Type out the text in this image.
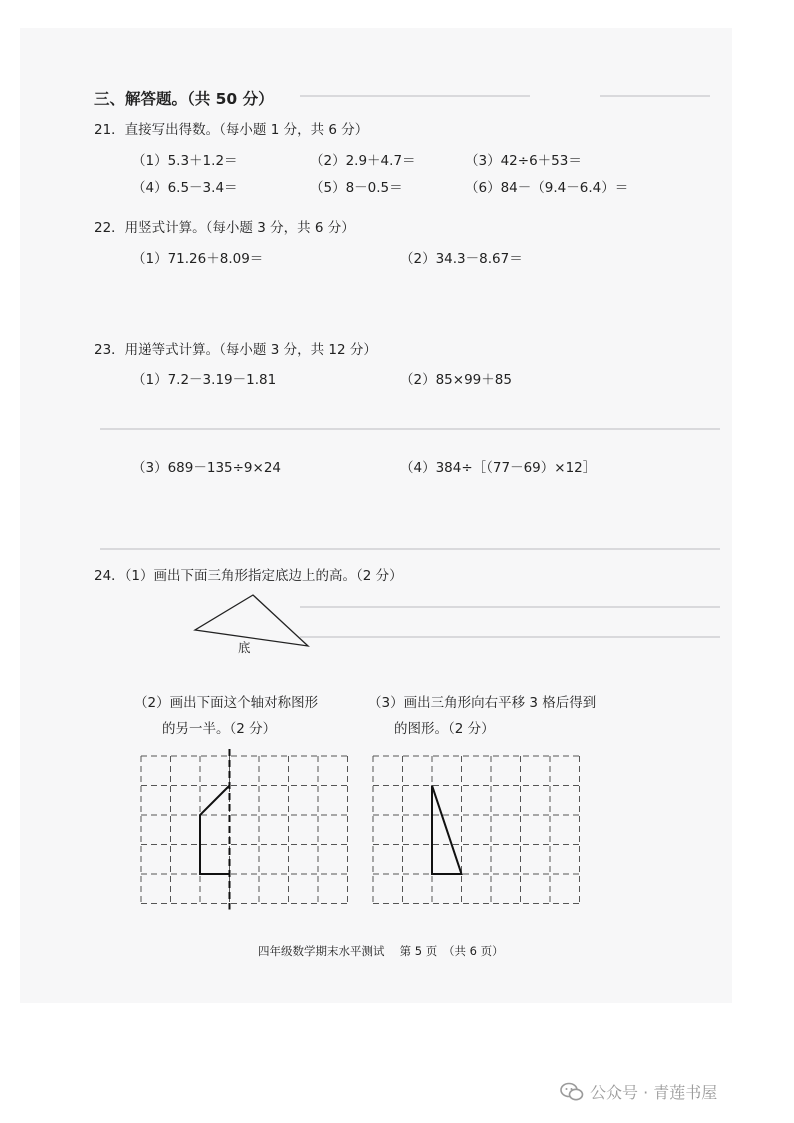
三、解答题。（共 50 分）
21．直接写出得数。（每小题 1 分，共 6 分）
（1）5.3＋1.2＝	（2）2.9＋4.7＝	（3）42÷6＋53＝
（4）6.5－3.4＝	（5）8－0.5＝	（6）84－（9.4－6.4）＝
22．用竖式计算。（每小题 3 分，共 6 分）
（1）71.26＋8.09＝	（2）34.3－8.67＝
23．用递等式计算。（每小题 3 分，共 12 分）
（1）7.2－3.19－1.81	（2）85×99＋85
（3）689－135÷9×24	（4）384÷［（77－69）×12］
24．（1）画出下面三角形指定底边上的高。（2 分）
底
（2）画出下面这个轴对称图形
的另一半。（2 分）
（3）画出三角形向右平移 3 格后得到
的图形。（2 分）
四年级数学期末水平测试　 第 5 页　（共 6 页）
公众号 · 青莲书屋
